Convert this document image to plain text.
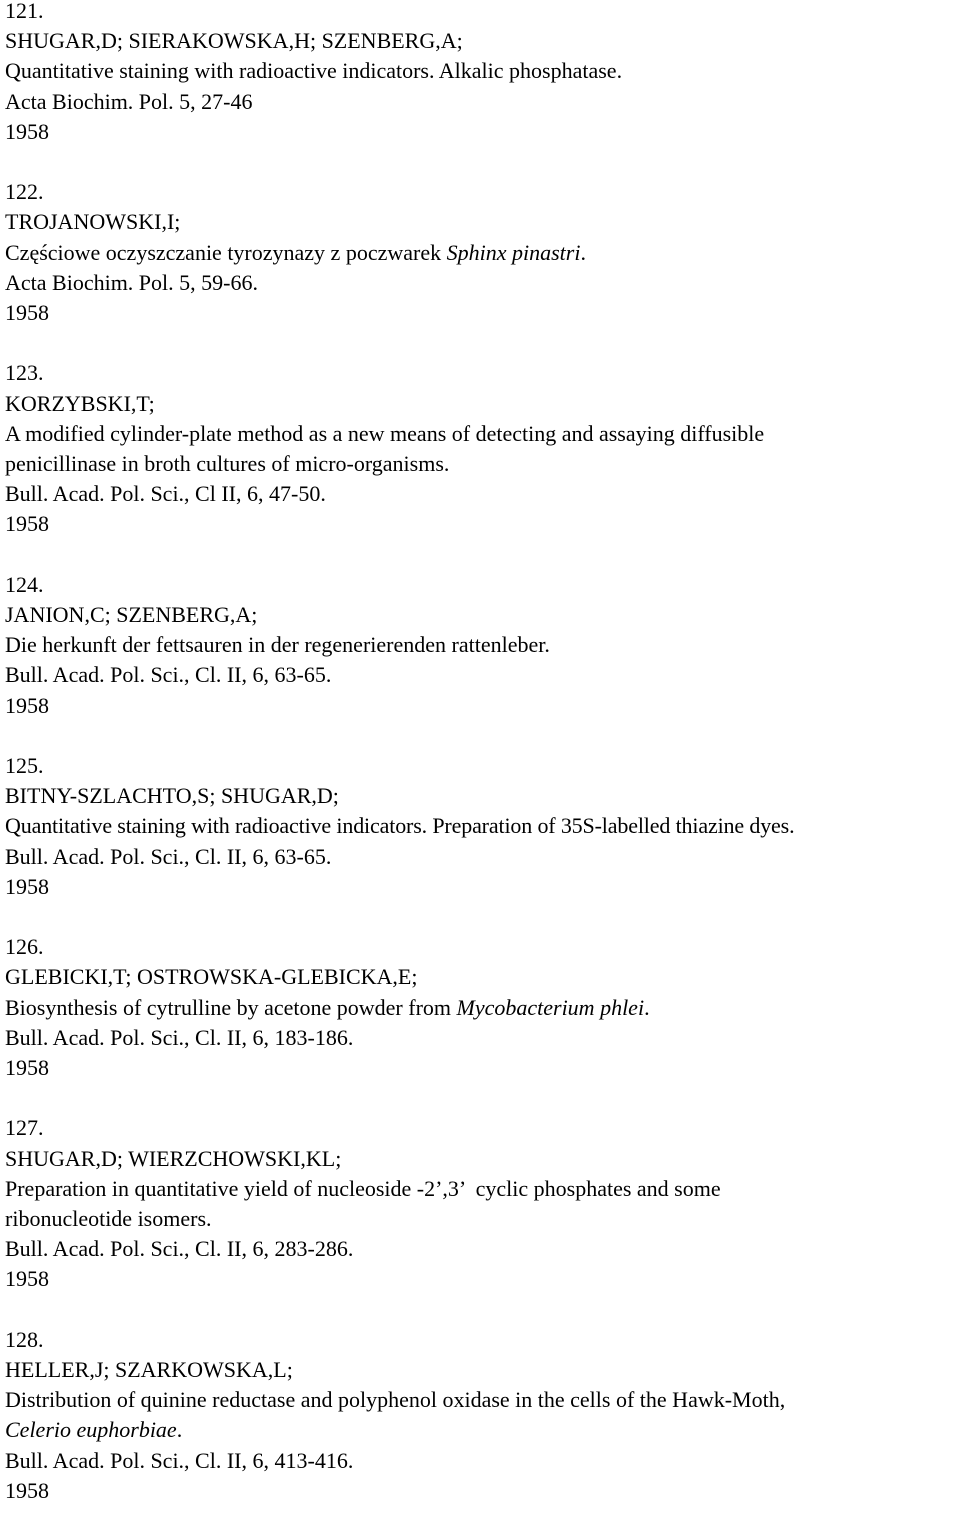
121.
SHUGAR,D; SIERAKOWSKA,H; SZENBERG,A;
Quantitative staining with radioactive indicators. Alkalic phosphatase.
Acta Biochim. Pol. 5, 27-46
1958
122.
TROJANOWSKI,I;
Częściowe oczyszczanie tyrozynazy z poczwarek Sphinx pinastri.
Acta Biochim. Pol. 5, 59-66.
1958
123.
KORZYBSKI,T;
A modified cylinder-plate method as a new means of detecting and assaying diffusible
penicillinase in broth cultures of micro-organisms.
Bull. Acad. Pol. Sci., Cl II, 6, 47-50.
1958
124.
JANION,C; SZENBERG,A;
Die herkunft der fettsauren in der regenerierenden rattenleber.
Bull. Acad. Pol. Sci., Cl. II, 6, 63-65.
1958
125.
BITNY-SZLACHTO,S; SHUGAR,D;
Quantitative staining with radioactive indicators. Preparation of 35S-labelled thiazine dyes.
Bull. Acad. Pol. Sci., Cl. II, 6, 63-65.
1958
126.
GLEBICKI,T; OSTROWSKA-GLEBICKA,E;
Biosynthesis of cytrulline by acetone powder from Mycobacterium phlei.
Bull. Acad. Pol. Sci., Cl. II, 6, 183-186.
1958
127.
SHUGAR,D; WIERZCHOWSKI,KL;
Preparation in quantitative yield of nucleoside -2’,3’  cyclic phosphates and some
ribonucleotide isomers.
Bull. Acad. Pol. Sci., Cl. II, 6, 283-286.
1958
128.
HELLER,J; SZARKOWSKA,L;
Distribution of quinine reductase and polyphenol oxidase in the cells of the Hawk-Moth,
Celerio euphorbiae.
Bull. Acad. Pol. Sci., Cl. II, 6, 413-416.
1958
